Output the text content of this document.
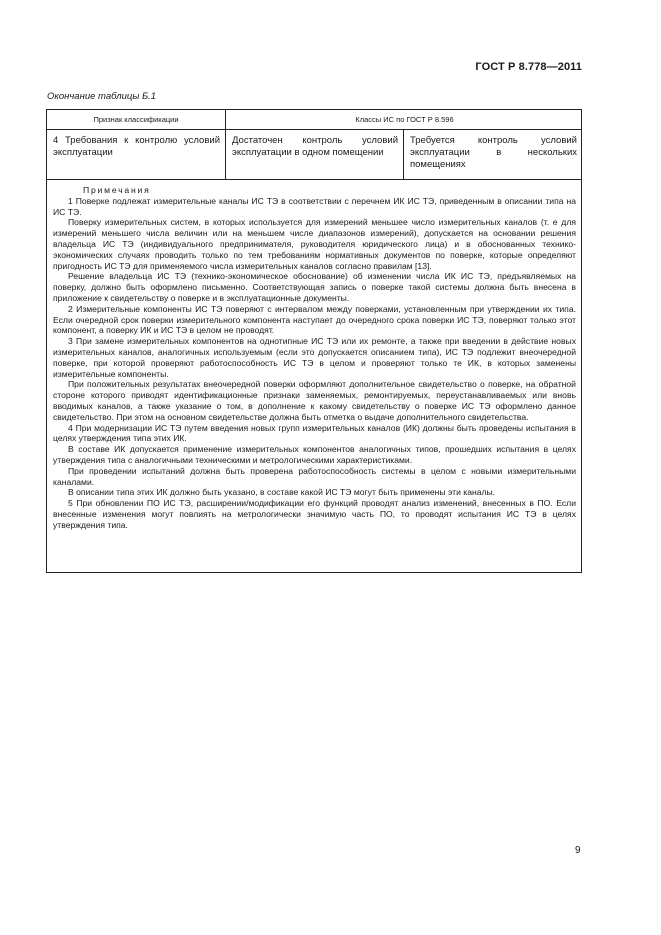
ГОСТ Р 8.778—2011
Окончание таблицы Б.1
Признак классификации	Классы ИС по ГОСТ Р 8.596
4 Требования к контролю условий эксплуатации
Достаточен контроль условий эксплуатации в одном помещении
Требуется контроль условий эксплуатации в нескольких помещениях

Примечания

1 Поверке подлежат измерительные каналы ИС ТЭ в соответствии с перечнем ИК ИС ТЭ, приведенным в описании типа на ИС ТЭ.

Поверку измерительных систем, в которых используется для измерений меньшее число измерительных каналов (т. е для измерений меньшего числа величин или на меньшем числе диапазонов измерений), допускается на основании решения владельца ИС ТЭ (индивидуального предпринимателя, руководителя юридического лица) и в обоснованных технико-экономических случаях проводить только по тем требованиям нормативных документов по поверке, которые определяют пригодность ИС ТЭ для применяемого числа измерительных каналов согласно правилам [13].

Решение владельца ИС ТЭ (технико-экономическое обоснование) об изменении числа ИК ИС ТЭ, предъявляемых на поверку, должно быть оформлено письменно. Соответствующая запись о поверке такой системы должна быть внесена в приложение к свидетельству о поверке и в эксплуатационные документы.

2 Измерительные компоненты ИС ТЭ поверяют с интервалом между поверками, установленным при утверждении их типа. Если очередной срок поверки измерительного компонента наступает до очередного срока поверки ИС ТЭ, поверяют только этот компонент, а поверку ИК и ИС ТЭ в целом не проводят.

3 При замене измерительных компонентов на однотипные ИС ТЭ или их ремонте, а также при введении в действие новых измерительных каналов, аналогичных используемым (если это допускается описанием типа), ИС ТЭ подлежит внеочередной поверке, при которой проверяют работоспособность ИС ТЭ в целом и проверяют только те ИК, в которых заменены измерительные компоненты.

При положительных результатах внеочередной поверки оформляют дополнительное свидетельство о поверке, на обратной стороне которого приводят идентификационные признаки заменяемых, ремонтируемых, переустанавливаемых или вновь вводимых каналов, а также указание о том, в дополнение к какому свидетельству о поверке ИС ТЭ оформлено данное свидетельство. При этом на основном свидетельстве должна быть отметка о выдаче дополнительного свидетельства.

4 При модернизации ИС ТЭ путем введения новых групп измерительных каналов (ИК) должны быть проведены испытания в целях утверждения типа этих ИК.

В составе ИК допускается применение измерительных компонентов аналогичных типов, прошедших испытания в целях утверждения типа с аналогичными техническими и метрологическими характеристиками.

При проведении испытаний должна быть проверена работоспособность системы в целом с новыми измерительными каналами.

В описании типа этих ИК должно быть указано, в составе какой ИС ТЭ могут быть применены эти каналы.

5 При обновлении ПО ИС ТЭ, расширении/модификации его функций проводят анализ изменений, внесенных в ПО. Если внесенные изменения могут повлиять на метрологически значимую часть ПО, то проводят испытания ИС ТЭ в целях утверждения типа.

9
